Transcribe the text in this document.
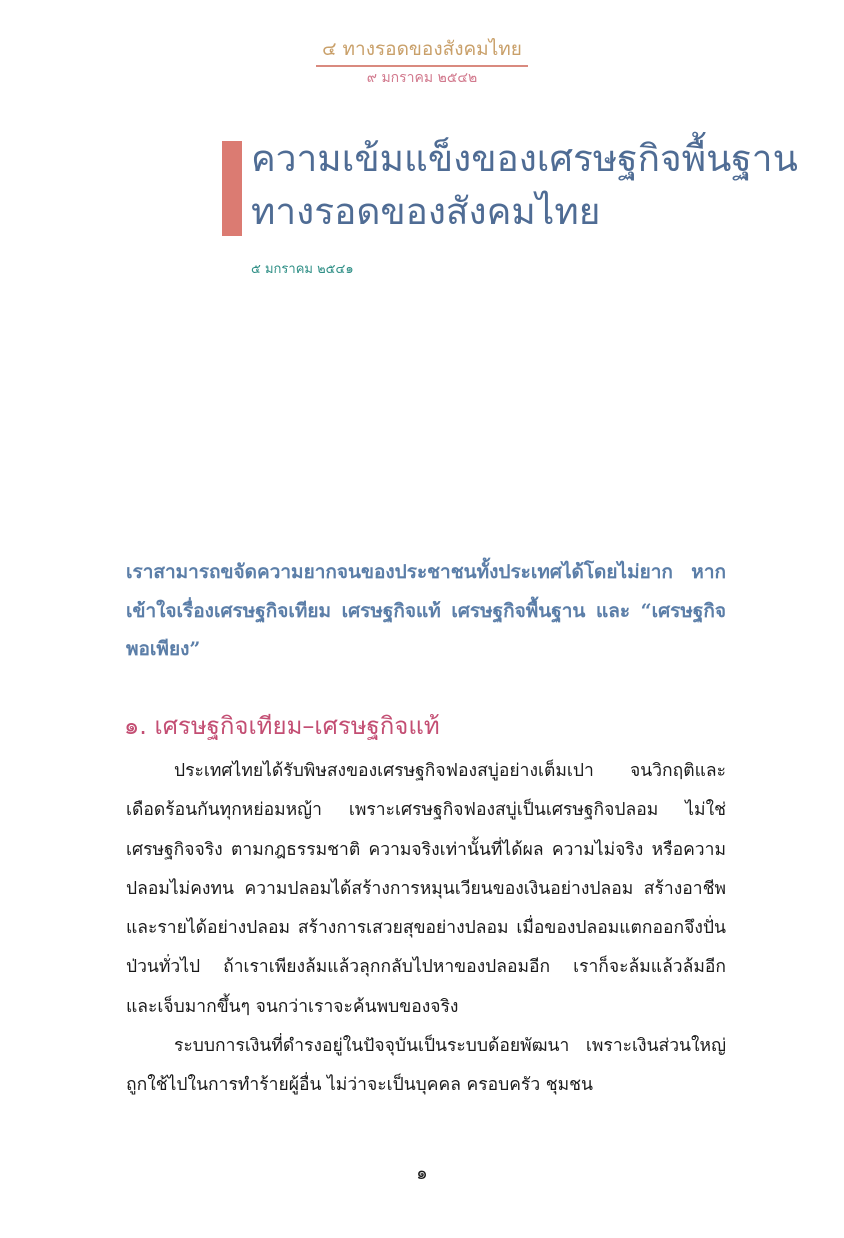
๔ ทางรอดของสังคมไทย
๙ มกราคม ๒๕๔๒
ความเข้มแข็งของเศรษฐกิจพื้นฐาน
ทางรอดของสังคมไทย
๕ มกราคม ๒๕๔๑

เราสามารถขจัดความยากจนของประชาชนทั้งประเทศได้โดยไม่ยาก หากเข้าใจเรื่องเศรษฐกิจเทียม เศรษฐกิจแท้ เศรษฐกิจพื้นฐาน และ “เศรษฐกิจพอเพียง”

๑. เศรษฐกิจเทียม–เศรษฐกิจแท้

ประเทศไทยได้รับพิษสงของเศรษฐกิจฟองสบู่อย่างเต็มเปา จนวิกฤติและเดือดร้อนกันทุกหย่อมหญ้า เพราะเศรษฐกิจฟองสบู่เป็นเศรษฐกิจปลอม ไม่ใช่เศรษฐกิจจริง ตามกฎธรรมชาติ ความจริงเท่านั้นที่ได้ผล ความไม่จริง หรือความปลอมไม่คงทน ความปลอมได้สร้างการหมุนเวียนของเงินอย่างปลอม สร้างอาชีพและรายได้อย่างปลอม สร้างการเสวยสุขอย่างปลอม เมื่อของปลอมแตกออกจึงปั่นป่วนทั่วไป ถ้าเราเพียงล้มแล้วลุกกลับไปหาของปลอมอีก เราก็จะล้มแล้วล้มอีก และเจ็บมากขึ้นๆ จนกว่าเราจะค้นพบของจริง

ระบบการเงินที่ดำรงอยู่ในปัจจุบันเป็นระบบด้อยพัฒนา เพราะเงินส่วนใหญ่ถูกใช้ไปในการทำร้ายผู้อื่น ไม่ว่าจะเป็นบุคคล ครอบครัว ชุมชน

๑
